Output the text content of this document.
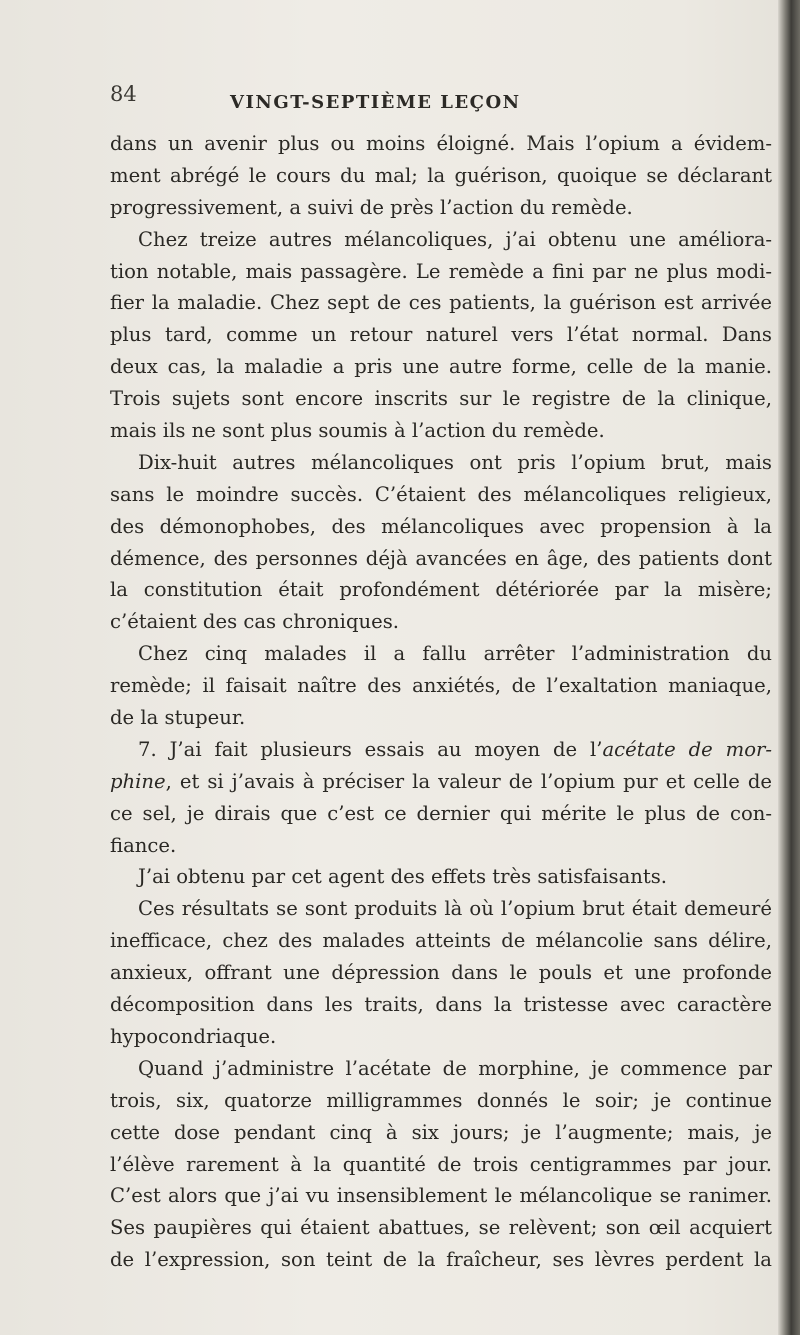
84	VINGT-SEPTIÈME LEÇON
dans un avenir plus ou moins éloigné. Mais l’opium a évidem-
ment abrégé le cours du mal; la guérison, quoique se déclarant
progressivement, a suivi de près l’action du remède.
Chez treize autres mélancoliques, j’ai obtenu une améliora-
tion notable, mais passagère. Le remède a fini par ne plus modi-
fier la maladie. Chez sept de ces patients, la guérison est arrivée
plus tard, comme un retour naturel vers l’état normal. Dans
deux cas, la maladie a pris une autre forme, celle de la manie.
Trois sujets sont encore inscrits sur le registre de la clinique,
mais ils ne sont plus soumis à l’action du remède.
Dix-huit autres mélancoliques ont pris l’opium brut, mais
sans le moindre succès. C’étaient des mélancoliques religieux,
des démonophobes, des mélancoliques avec propension à la
démence, des personnes déjà avancées en âge, des patients dont
la constitution était profondément détériorée par la misère;
c’étaient des cas chroniques.
Chez cinq malades il a fallu arrêter l’administration du
remède; il faisait naître des anxiétés, de l’exaltation maniaque,
de la stupeur.
7. J’ai fait plusieurs essais au moyen de l’acétate de mor-
phine, et si j’avais à préciser la valeur de l’opium pur et celle de
ce sel, je dirais que c’est ce dernier qui mérite le plus de con-
fiance.
J’ai obtenu par cet agent des effets très satisfaisants.
Ces résultats se sont produits là où l’opium brut était demeuré
inefficace, chez des malades atteints de mélancolie sans délire,
anxieux, offrant une dépression dans le pouls et une profonde
décomposition dans les traits, dans la tristesse avec caractère
hypocondriaque.
Quand j’administre l’acétate de morphine, je commence par
trois, six, quatorze milligrammes donnés le soir; je continue
cette dose pendant cinq à six jours; je l’augmente; mais, je
l’élève rarement à la quantité de trois centigrammes par jour.
C’est alors que j’ai vu insensiblement le mélancolique se ranimer.
Ses paupières qui étaient abattues, se relèvent; son œil acquiert
de l’expression, son teint de la fraîcheur, ses lèvres perdent la
